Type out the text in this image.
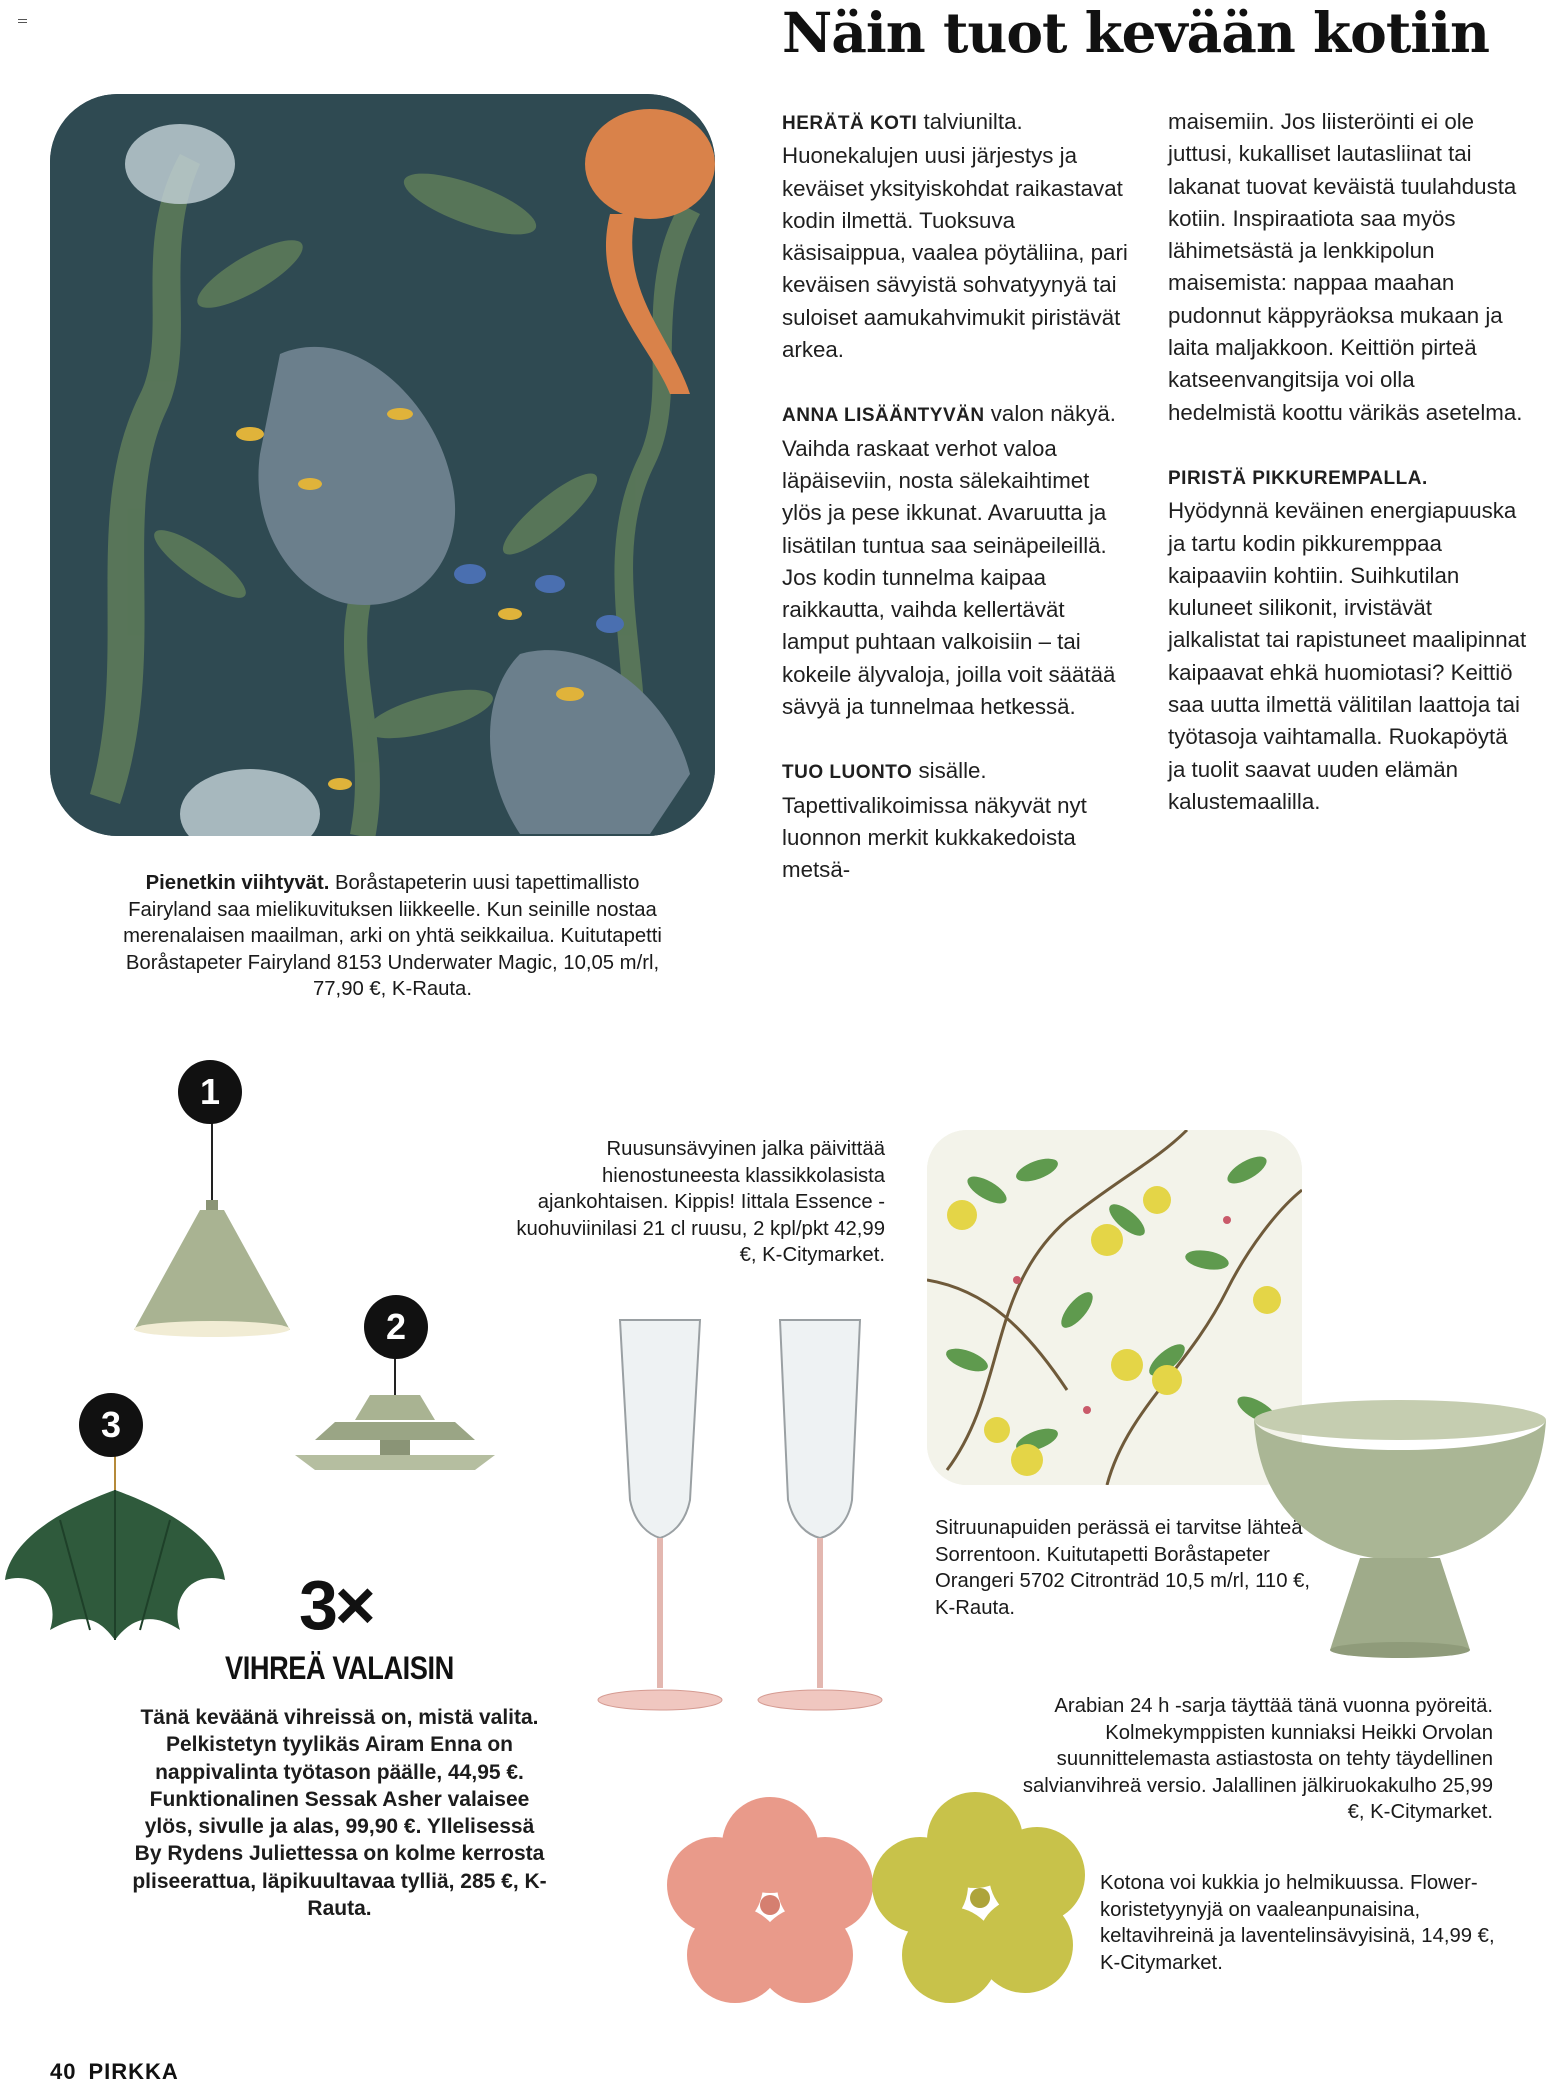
Näin tuot kevään kotiin
Pienetkin viihtyvät. Boråstapeterin uusi tapettimallisto Fairyland saa mielikuvituksen liikkeelle. Kun seinille nostaa merenalaisen maailman, arki on yhtä seikkailua. Kuitutapetti Boråstapeter Fairyland 8153 Underwater Magic, 10,05 m/rl, 77,90 €, K-Rauta.

HERÄTÄ KOTI talviunilta. Huonekalujen uusi järjestys ja keväiset yksityiskohdat raikastavat kodin ilmettä. Tuoksuva käsisaippua, vaalea pöytäliina, pari keväisen sävyistä sohvatyynyä tai suloiset aamukahvimukit piristävät arkea.

ANNA LISÄÄNTYVÄN valon näkyä. Vaihda raskaat verhot valoa läpäiseviin, nosta sälekaihtimet ylös ja pese ikkunat. Avaruutta ja lisätilan tuntua saa seinäpeileillä. Jos kodin tunnelma kaipaa raikkautta, vaihda kellertävät lamput puhtaan valkoisiin – tai kokeile älyvaloja, joilla voit säätää sävyä ja tunnelmaa hetkessä.

TUO LUONTO sisälle. Tapettivalikoimissa näkyvät nyt luonnon merkit kukkakedoista metsä-

maisemiin. Jos liisteröinti ei ole juttusi, kukalliset lautasliinat tai lakanat tuovat keväistä tuulahdusta kotiin. Inspiraatiota saa myös lähimetsästä ja lenkkipolun maisemista: nappaa maahan pudonnut käppyräoksa mukaan ja laita maljakkoon. Keittiön pirteä katseenvangitsija voi olla hedelmistä koottu värikäs asetelma.

PIRISTÄ PIKKUREMPALLA. Hyödynnä keväinen energiapuuska ja tartu kodin pikkuremppaa kaipaaviin kohtiin. Suihkutilan kuluneet silikonit, irvistävät jalkalistat tai rapistuneet maalipinnat kaipaavat ehkä huomiotasi? Keittiö saa uutta ilmettä välitilan laattoja tai työtasoja vaihtamalla. Ruokapöytä ja tuolit saavat uuden elämän kalustemaalilla.

1
2
3
3×
VIHREÄ VALAISIN
Tänä keväänä vihreissä on, mistä valita. Pelkistetyn tyylikäs Airam Enna on nappivalinta työtason päälle, 44,95 €. Funktionalinen Sessak Asher valaisee ylös, sivulle ja alas, 99,90 €. Yllelisessä By Rydens Juliettessa on kolme kerrosta pliseerattua, läpikuultavaa tylliä, 285 €, K-Rauta.
Ruusunsävyinen jalka päivittää hienostuneesta klassikkolasista ajankohtaisen. Kippis! Iittala Essence -kuohuviinilasi 21 cl ruusu, 2 kpl/pkt 42,99 €, K-Citymarket.
Sitruunapuiden perässä ei tarvitse lähteä Sorrentoon. Kuitutapetti Boråstapeter Orangeri 5702 Citronträd 10,5 m/rl, 110 €, K-Rauta.
Arabian 24 h -sarja täyttää tänä vuonna pyöreitä. Kolmekymppisten kunniaksi Heikki Orvolan suunnittelemasta astiastosta on tehty täydellinen salvianvihreä versio. Jalallinen jälkiruokakulho 25,99 €, K-Citymarket.
Kotona voi kukkia jo helmikuussa. Flower-koristetyynyjä on vaaleanpunaisina, keltavihreinä ja laventelinsävyisinä, 14,99 €, K-Citymarket.
40 PIRKKA
